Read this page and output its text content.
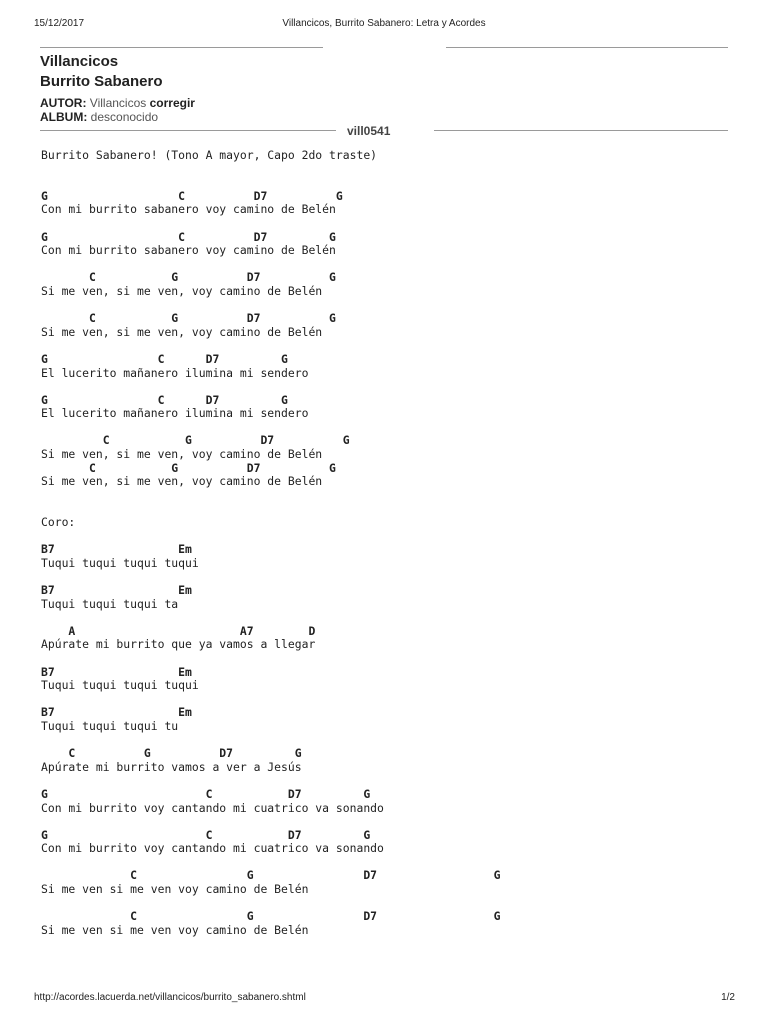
15/12/2017	Villancicos, Burrito Sabanero: Letra y Acordes
Villancicos
Burrito Sabanero
AUTOR: Villancicos corregir
ALBUM: desconocido
vill0541
Burrito Sabanero! (Tono A mayor, Capo 2do traste)
G                   C          D7          G
Con mi burrito sabanero voy camino de Belén
G                   C          D7         G
Con mi burrito sabanero voy camino de Belén
C           G          D7          G
Si me ven, si me ven, voy camino de Belén
C           G          D7          G
Si me ven, si me ven, voy camino de Belén
G                C      D7         G
El lucerito mañanero ilumina mi sendero
G                C      D7         G
El lucerito mañanero ilumina mi sendero
C           G          D7          G
Si me ven, si me ven, voy camino de Belén
C           G          D7          G
Si me ven, si me ven, voy camino de Belén
Coro:
B7                  Em
Tuqui tuqui tuqui tuqui
B7                  Em
Tuqui tuqui tuqui ta
A                        A7        D
Apúrate mi burrito que ya vamos a llegar
B7                  Em
Tuqui tuqui tuqui tuqui
B7                  Em
Tuqui tuqui tuqui tu
C          G          D7         G
Apúrate mi burrito vamos a ver a Jesús
G                       C           D7         G
Con mi burrito voy cantando mi cuatrico va sonando
G                       C           D7         G
Con mi burrito voy cantando mi cuatrico va sonando
C                G                D7                 G
Si me ven si me ven voy camino de Belén
C                G                D7                 G
Si me ven si me ven voy camino de Belén
http://acordes.lacuerda.net/villancicos/burrito_sabanero.shtml	1/2
